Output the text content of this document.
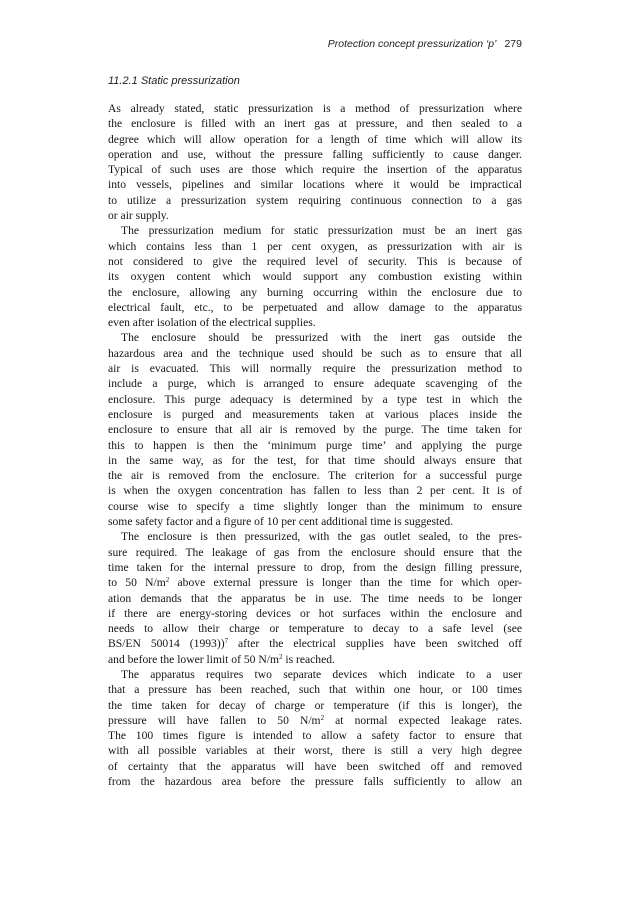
Protection concept pressurization ‘p’ 279
11.2.1 Static pressurization
As already stated, static pressurization is a method of pressurization where
the enclosure is filled with an inert gas at pressure, and then sealed to a
degree which will allow operation for a length of time which will allow its
operation and use, without the pressure falling sufficiently to cause danger.
Typical of such uses are those which require the insertion of the apparatus
into vessels, pipelines and similar locations where it would be impractical
to utilize a pressurization system requiring continuous connection to a gas
or air supply.
The pressurization medium for static pressurization must be an inert gas
which contains less than 1 per cent oxygen, as pressurization with air is
not considered to give the required level of security. This is because of
its oxygen content which would support any combustion existing within
the enclosure, allowing any burning occurring within the enclosure due to
electrical fault, etc., to be perpetuated and allow damage to the apparatus
even after isolation of the electrical supplies.
The enclosure should be pressurized with the inert gas outside the
hazardous area and the technique used should be such as to ensure that all
air is evacuated. This will normally require the pressurization method to
include a purge, which is arranged to ensure adequate scavenging of the
enclosure. This purge adequacy is determined by a type test in which the
enclosure is purged and measurements taken at various places inside the
enclosure to ensure that all air is removed by the purge. The time taken for
this to happen is then the ‘minimum purge time’ and applying the purge
in the same way, as for the test, for that time should always ensure that
the air is removed from the enclosure. The criterion for a successful purge
is when the oxygen concentration has fallen to less than 2 per cent. It is of
course wise to specify a time slightly longer than the minimum to ensure
some safety factor and a figure of 10 per cent additional time is suggested.
The enclosure is then pressurized, with the gas outlet sealed, to the pres-
sure required. The leakage of gas from the enclosure should ensure that the
time taken for the internal pressure to drop, from the design filling pressure,
to 50 $N/m^2$ above external pressure is longer than the time for which oper-
ation demands that the apparatus be in use. The time needs to be longer
if there are energy-storing devices or hot surfaces within the enclosure and
needs to allow their charge or temperature to decay to a safe level (see
BS/EN 50014 (1993))$^7$ after the electrical supplies have been switched off
and before the lower limit of 50 $N/m^2$ is reached.
The apparatus requires two separate devices which indicate to a user
that a pressure has been reached, such that within one hour, or 100 times
the time taken for decay of charge or temperature (if this is longer), the
pressure will have fallen to 50 $N/m^2$ at normal expected leakage rates.
The 100 times figure is intended to allow a safety factor to ensure that
with all possible variables at their worst, there is still a very high degree
of certainty that the apparatus will have been switched off and removed
from the hazardous area before the pressure falls sufficiently to allow an
